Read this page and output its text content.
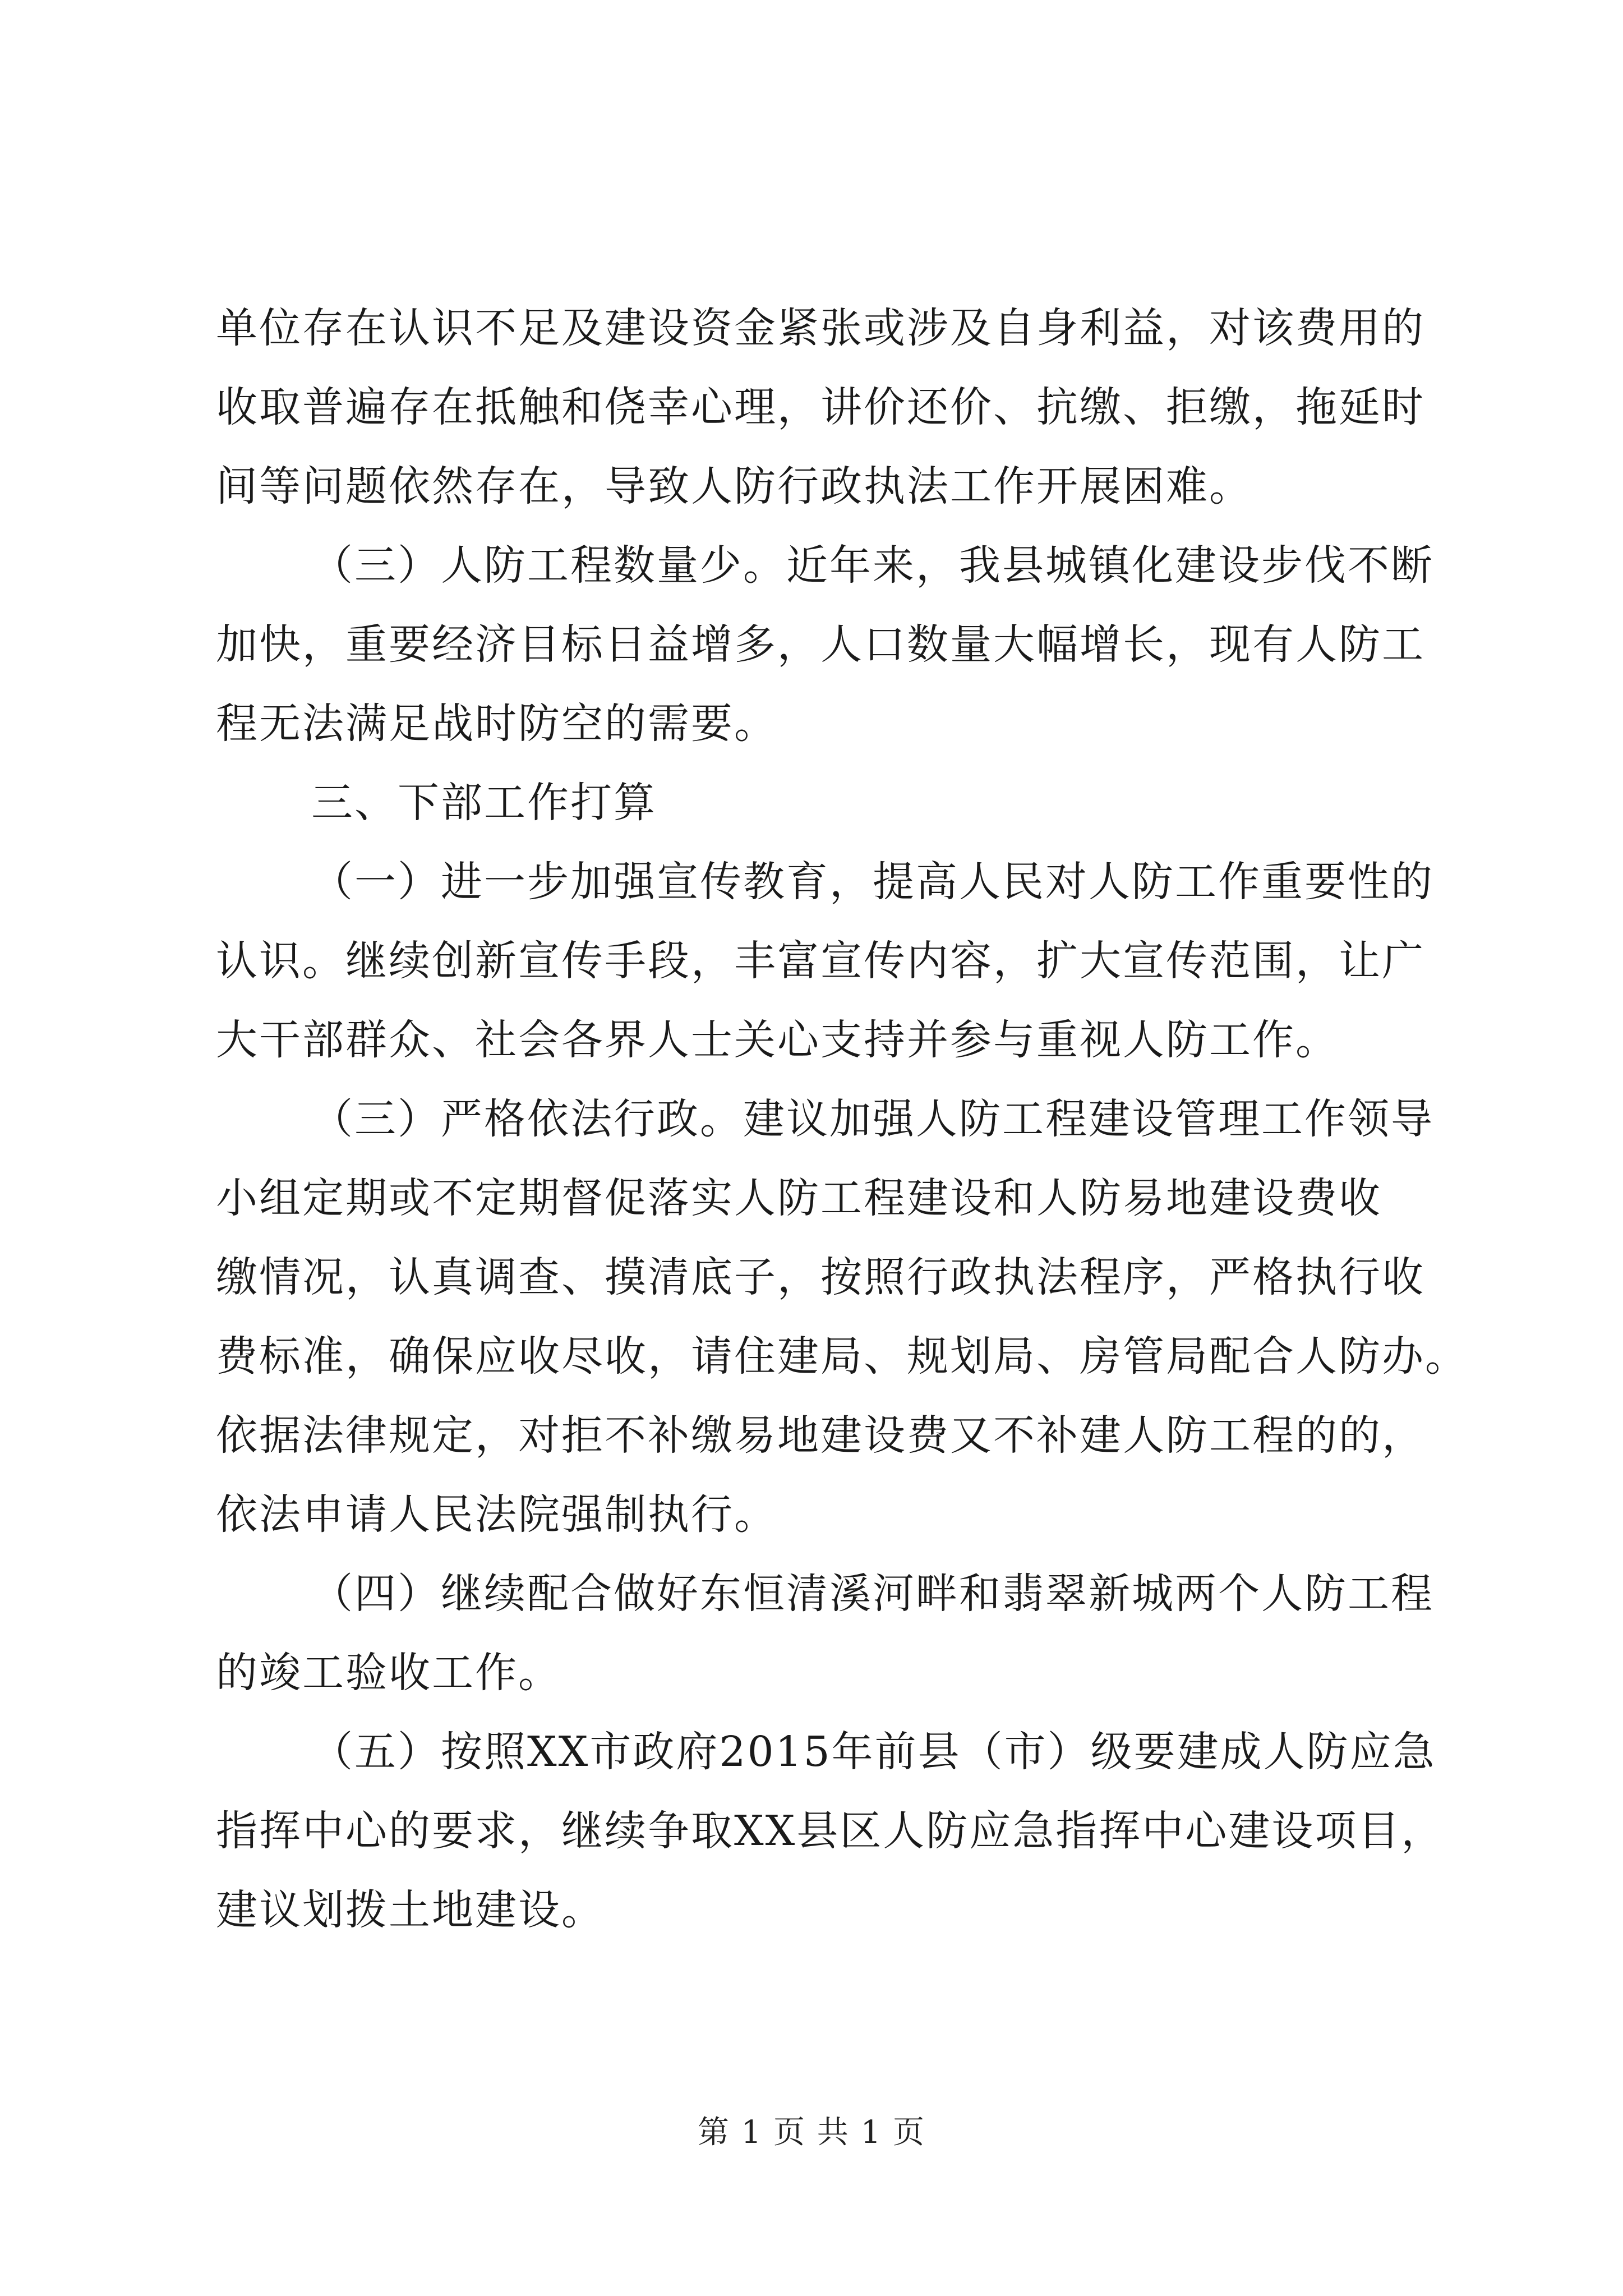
单位存在认识不足及建设资金紧张或涉及自身利益，对该费用的
收取普遍存在抵触和侥幸心理，讲价还价、抗缴、拒缴，拖延时
间等问题依然存在，导致人防行政执法工作开展困难。
（三）人防工程数量少。近年来，我县城镇化建设步伐不断
加快，重要经济目标日益增多，人口数量大幅增长，现有人防工
程无法满足战时防空的需要。
三、下部工作打算
（一）进一步加强宣传教育，提高人民对人防工作重要性的
认识。继续创新宣传手段，丰富宣传内容，扩大宣传范围，让广
大干部群众、社会各界人士关心支持并参与重视人防工作。
（三）严格依法行政。建议加强人防工程建设管理工作领导
小组定期或不定期督促落实人防工程建设和人防易地建设费收
缴情况，认真调查、摸清底子，按照行政执法程序，严格执行收
费标准，确保应收尽收，请住建局、规划局、房管局配合人防办。
依据法律规定，对拒不补缴易地建设费又不补建人防工程的的，
依法申请人民法院强制执行。
（四）继续配合做好东恒清溪河畔和翡翠新城两个人防工程
的竣工验收工作。
（五）按照XX市政府2015年前县（市）级要建成人防应急
指挥中心的要求，继续争取XX县区人防应急指挥中心建设项目，
建议划拨土地建设。
第 1 页 共 1 页
